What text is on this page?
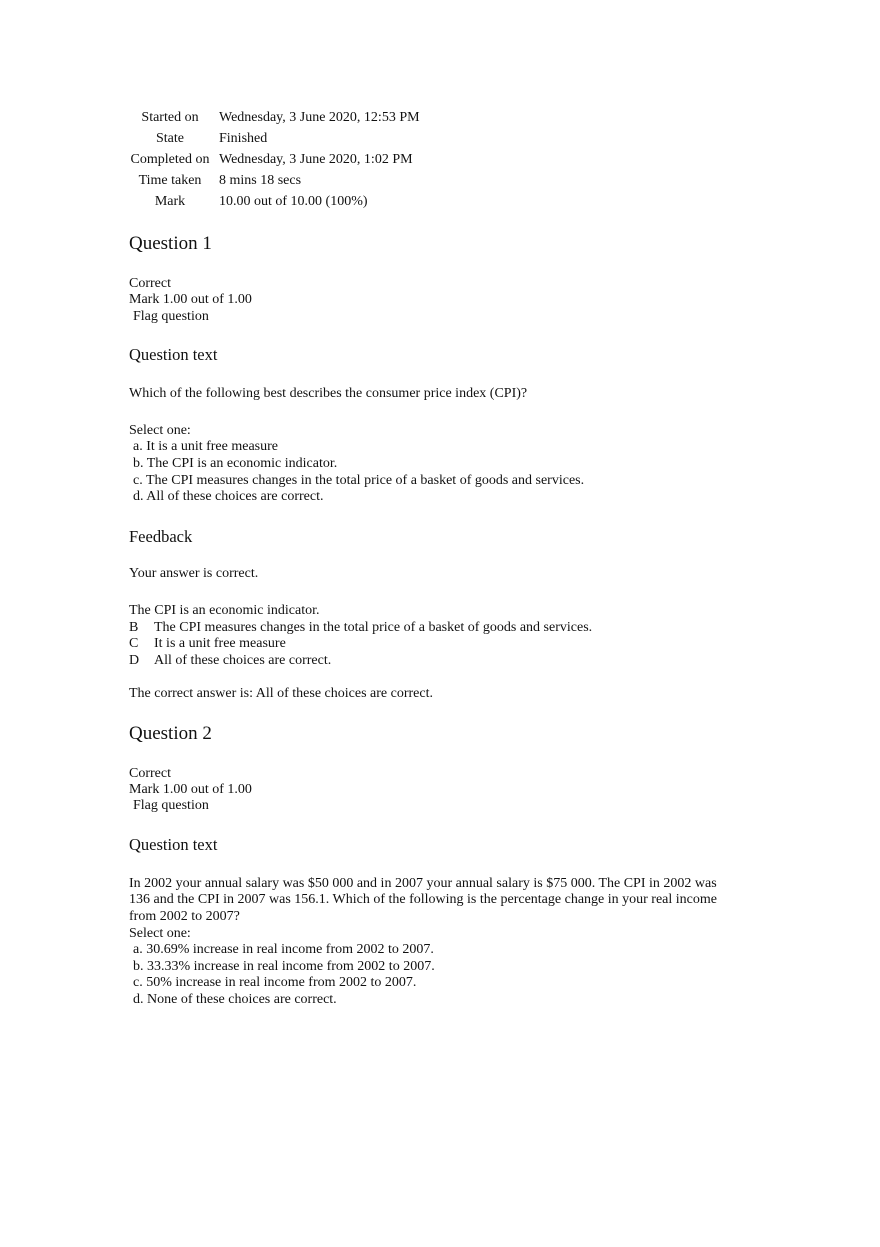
Started on	Wednesday, 3 June 2020, 12:53 PM
State	Finished
Completed on Wednesday, 3 June 2020, 1:02 PM
Time taken	8 mins 18 secs
Mark	10.00 out of 10.00 (100%)
Question 1
Correct
Mark 1.00 out of 1.00
Flag question
Question text
Which of the following best describes the consumer price index (CPI)?
Select one:
a. It is a unit free measure
b. The CPI is an economic indicator.
c. The CPI measures changes in the total price of a basket of goods and services.
d. All of these choices are correct.
Feedback
Your answer is correct.
The CPI is an economic indicator.
B The CPI measures changes in the total price of a basket of goods and services.
C It is a unit free measure
D All of these choices are correct.
The correct answer is: All of these choices are correct.
Question 2
Correct
Mark 1.00 out of 1.00
Flag question
Question text
In 2002 your annual salary was $50 000 and in 2007 your annual salary is $75 000. The CPI in 2002 was
136 and the CPI in 2007 was 156.1. Which of the following is the percentage change in your real income
from 2002 to 2007?
Select one:
a. 30.69% increase in real income from 2002 to 2007.
b. 33.33% increase in real income from 2002 to 2007.
c. 50% increase in real income from 2002 to 2007.
d. None of these choices are correct.
